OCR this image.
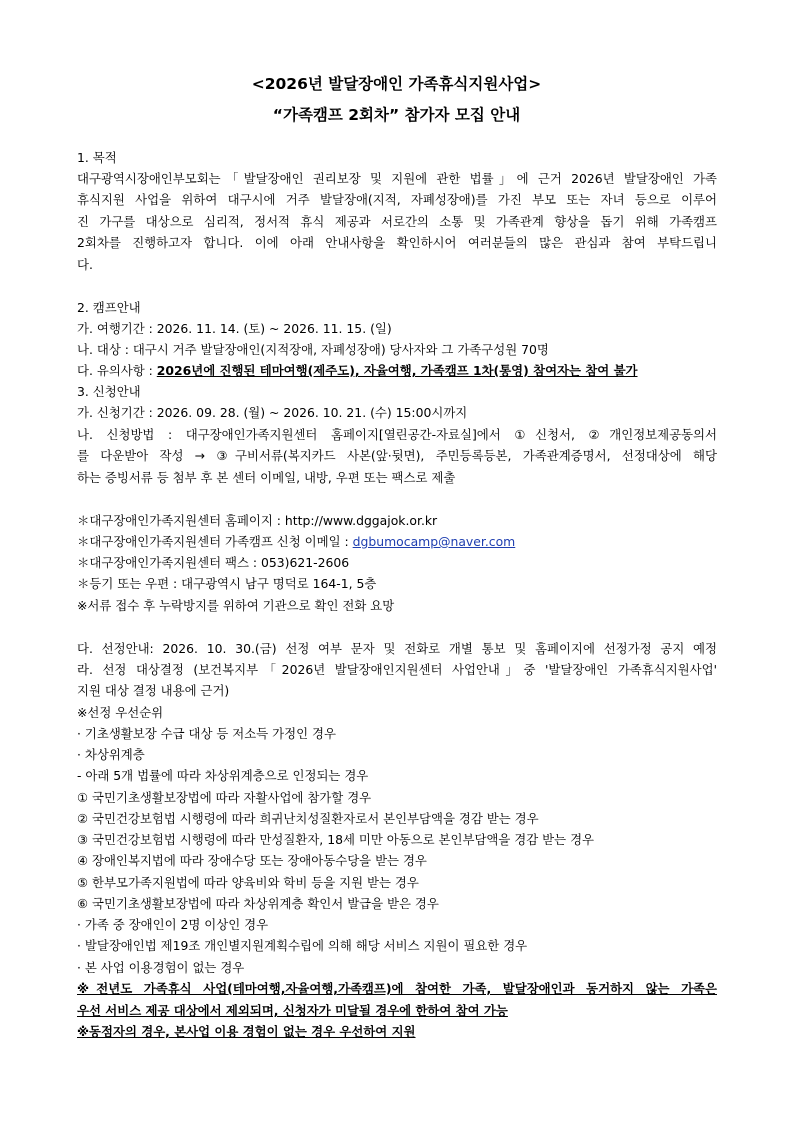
<2026년 발달장애인 가족휴식지원사업>
“가족캠프 2회차” 참가자 모집 안내
1. 목적
대구광역시장애인부모회는「발달장애인 권리보장 및 지원에 관한 법률」에 근거 2026년 발달장애인 가족
휴식지원 사업을 위하여 대구시에 거주 발달장애(지적, 자폐성장애)를 가진 부모 또는 자녀 등으로 이루어
진 가구를 대상으로 심리적, 정서적 휴식 제공과 서로간의 소통 및 가족관계 향상을 돕기 위해 가족캠프
2회차를 진행하고자 합니다. 이에 아래 안내사항을 확인하시어 여러분들의 많은 관심과 참여 부탁드립니
다.
2. 캠프안내
가. 여행기간 : 2026. 11. 14. (토) ~ 2026. 11. 15. (일)
나. 대상 : 대구시 거주 발달장애인(지적장애, 자폐성장애) 당사자와 그 가족구성원 70명
다. 유의사항 : 2026년에 진행된 테마여행(제주도), 자율여행, 가족캠프 1차(통영) 참여자는 참여 불가
3. 신청안내
가. 신청기간 : 2026. 09. 28. (월) ~ 2026. 10. 21. (수) 15:00시까지
나. 신청방법 : 대구장애인가족지원센터 홈페이지[열린공간-자료실]에서 ①신청서, ②개인정보제공동의서
를 다운받아 작성 → ③구비서류(복지카드 사본(앞·뒷면), 주민등록등본, 가족관계증명서, 선정대상에 해당
하는 증빙서류 등 첨부 후 본 센터 이메일, 내방, 우편 또는 팩스로 제출
＊대구장애인가족지원센터 홈페이지 : http://www.dggajok.or.kr
＊대구장애인가족지원센터 가족캠프 신청 이메일 : dgbumocamp@naver.com
＊대구장애인가족지원센터 팩스 : 053)621-2606
＊등기 또는 우편 : 대구광역시 남구 명덕로 164-1, 5층
※서류 접수 후 누락방지를 위하여 기관으로 확인 전화 요망
다. 선정안내: 2026. 10. 30.(금) 선정 여부 문자 및 전화로 개별 통보 및 홈페이지에 선정가정 공지 예정
라. 선정 대상결정 (보건복지부「2026년 발달장애인지원센터 사업안내」중 '발달장애인 가족휴식지원사업'
지원 대상 결정 내용에 근거)
※선정 우선순위
· 기초생활보장 수급 대상 등 저소득 가정인 경우
· 차상위계층
- 아래 5개 법률에 따라 차상위계층으로 인정되는 경우
① 국민기초생활보장법에 따라 자활사업에 참가할 경우
② 국민건강보험법 시행령에 따라 희귀난치성질환자로서 본인부담액을 경감 받는 경우
③ 국민건강보험법 시행령에 따라 만성질환자, 18세 미만 아동으로 본인부담액을 경감 받는 경우
④ 장애인복지법에 따라 장애수당 또는 장애아동수당을 받는 경우
⑤ 한부모가족지원법에 따라 양육비와 학비 등을 지원 받는 경우
⑥ 국민기초생활보장법에 따라 차상위계층 확인서 발급을 받은 경우
· 가족 중 장애인이 2명 이상인 경우
· 발달장애인법 제19조 개인별지원계획수립에 의해 해당 서비스 지원이 필요한 경우
· 본 사업 이용경험이 없는 경우
※전년도 가족휴식 사업(테마여행,자율여행,가족캠프)에 참여한 가족, 발달장애인과 동거하지 않는 가족은
우선 서비스 제공 대상에서 제외되며, 신청자가 미달될 경우에 한하여 참여 가능
※동점자의 경우, 본사업 이용 경험이 없는 경우 우선하여 지원
